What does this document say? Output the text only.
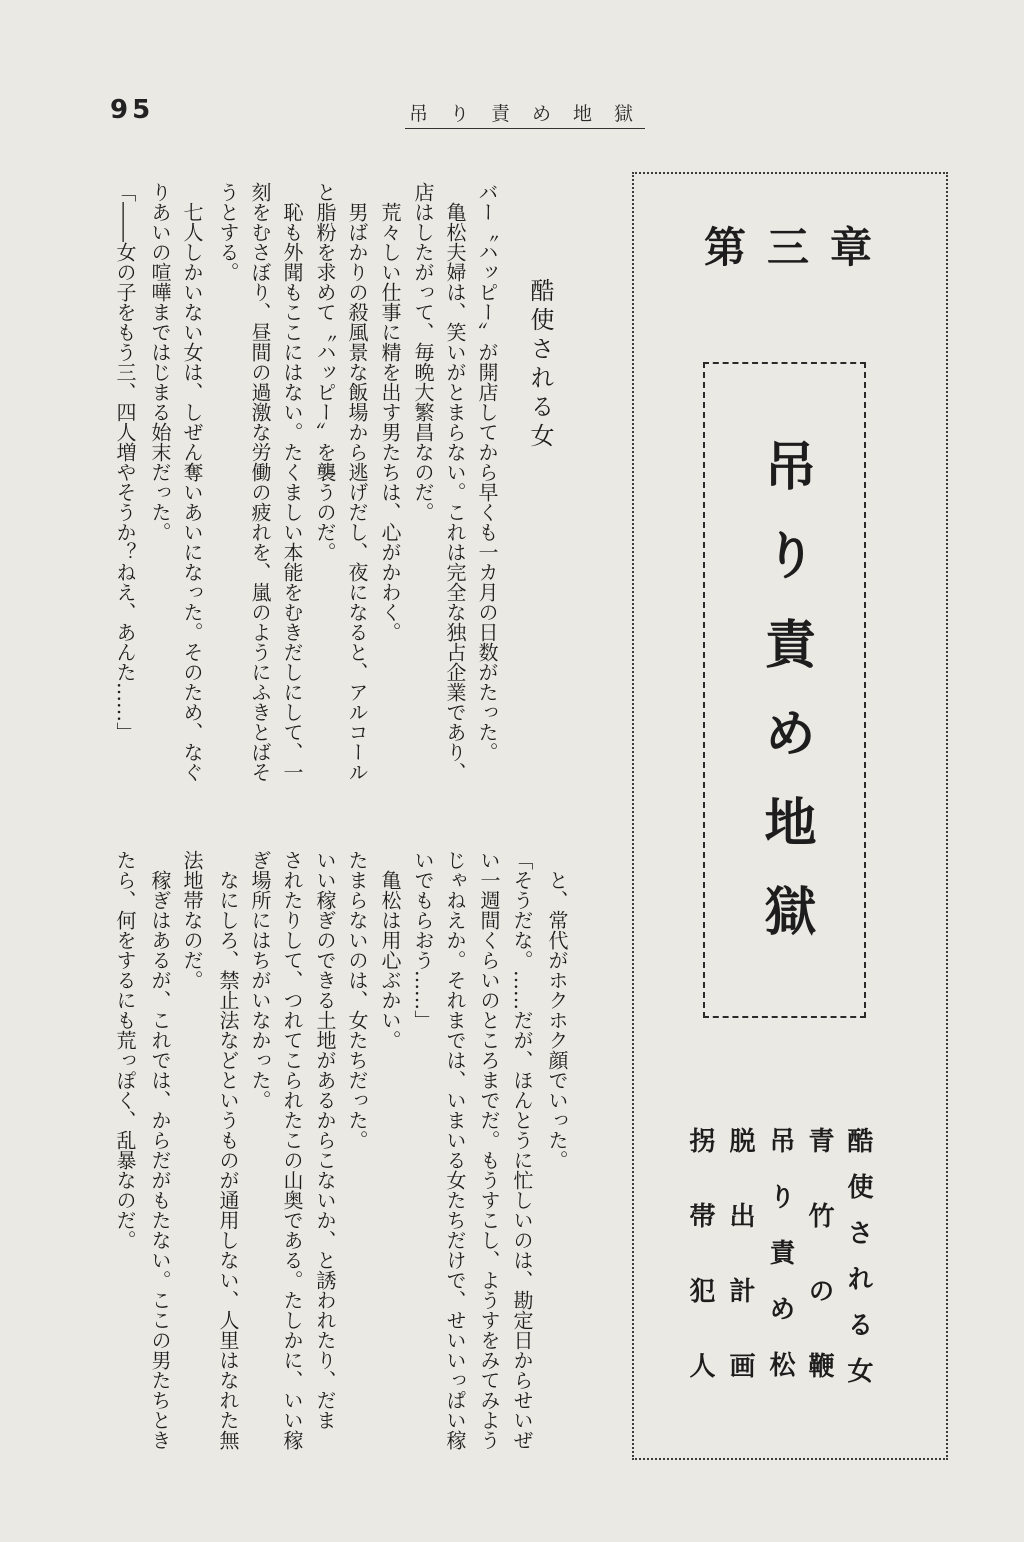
95	吊り責め地獄
第三章
吊り責め地獄
酷使される女
青竹の鞭
吊り責め松
脱出計画
拐帯犯人
酷使される女
バー〝ハッピー〟が開店してから早くも一カ月の日数がたった。
亀松夫婦は、笑いがとまらない。これは完全な独占企業であり、
店はしたがって、毎晩大繁昌なのだ。
荒々しい仕事に精を出す男たちは、心がかわく。
男ばかりの殺風景な飯場から逃げだし、夜になると、アルコール
と脂粉を求めて〝ハッピー〟を襲うのだ。
恥も外聞もここにはない。たくましい本能をむきだしにして、一
刻をむさぼり、昼間の過激な労働の疲れを、嵐のようにふきとばそ
うとする。
七人しかいない女は、しぜん奪いあいになった。そのため、なぐ
りあいの喧嘩まではじまる始末だった。
「――女の子をもう三、四人増やそうか？ねえ、あんた……」
と、常代がホクホク顔でいった。
「そうだな。……だが、ほんとうに忙しいのは、勘定日からせいぜ
い一週間くらいのところまでだ。もうすこし、ようすをみてみよう
じゃねえか。それまでは、いまいる女たちだけで、せいいっぱい稼
いでもらおう……」
亀松は用心ぶかい。
たまらないのは、女たちだった。
いい稼ぎのできる土地があるからこないか、と誘われたり、だま
されたりして、つれてこられたこの山奥である。たしかに、いい稼
ぎ場所にはちがいなかった。
なにしろ、禁止法などというものが通用しない、人里はなれた無
法地帯なのだ。
稼ぎはあるが、これでは、からだがもたない。ここの男たちとき
たら、何をするにも荒っぽく、乱暴なのだ。
